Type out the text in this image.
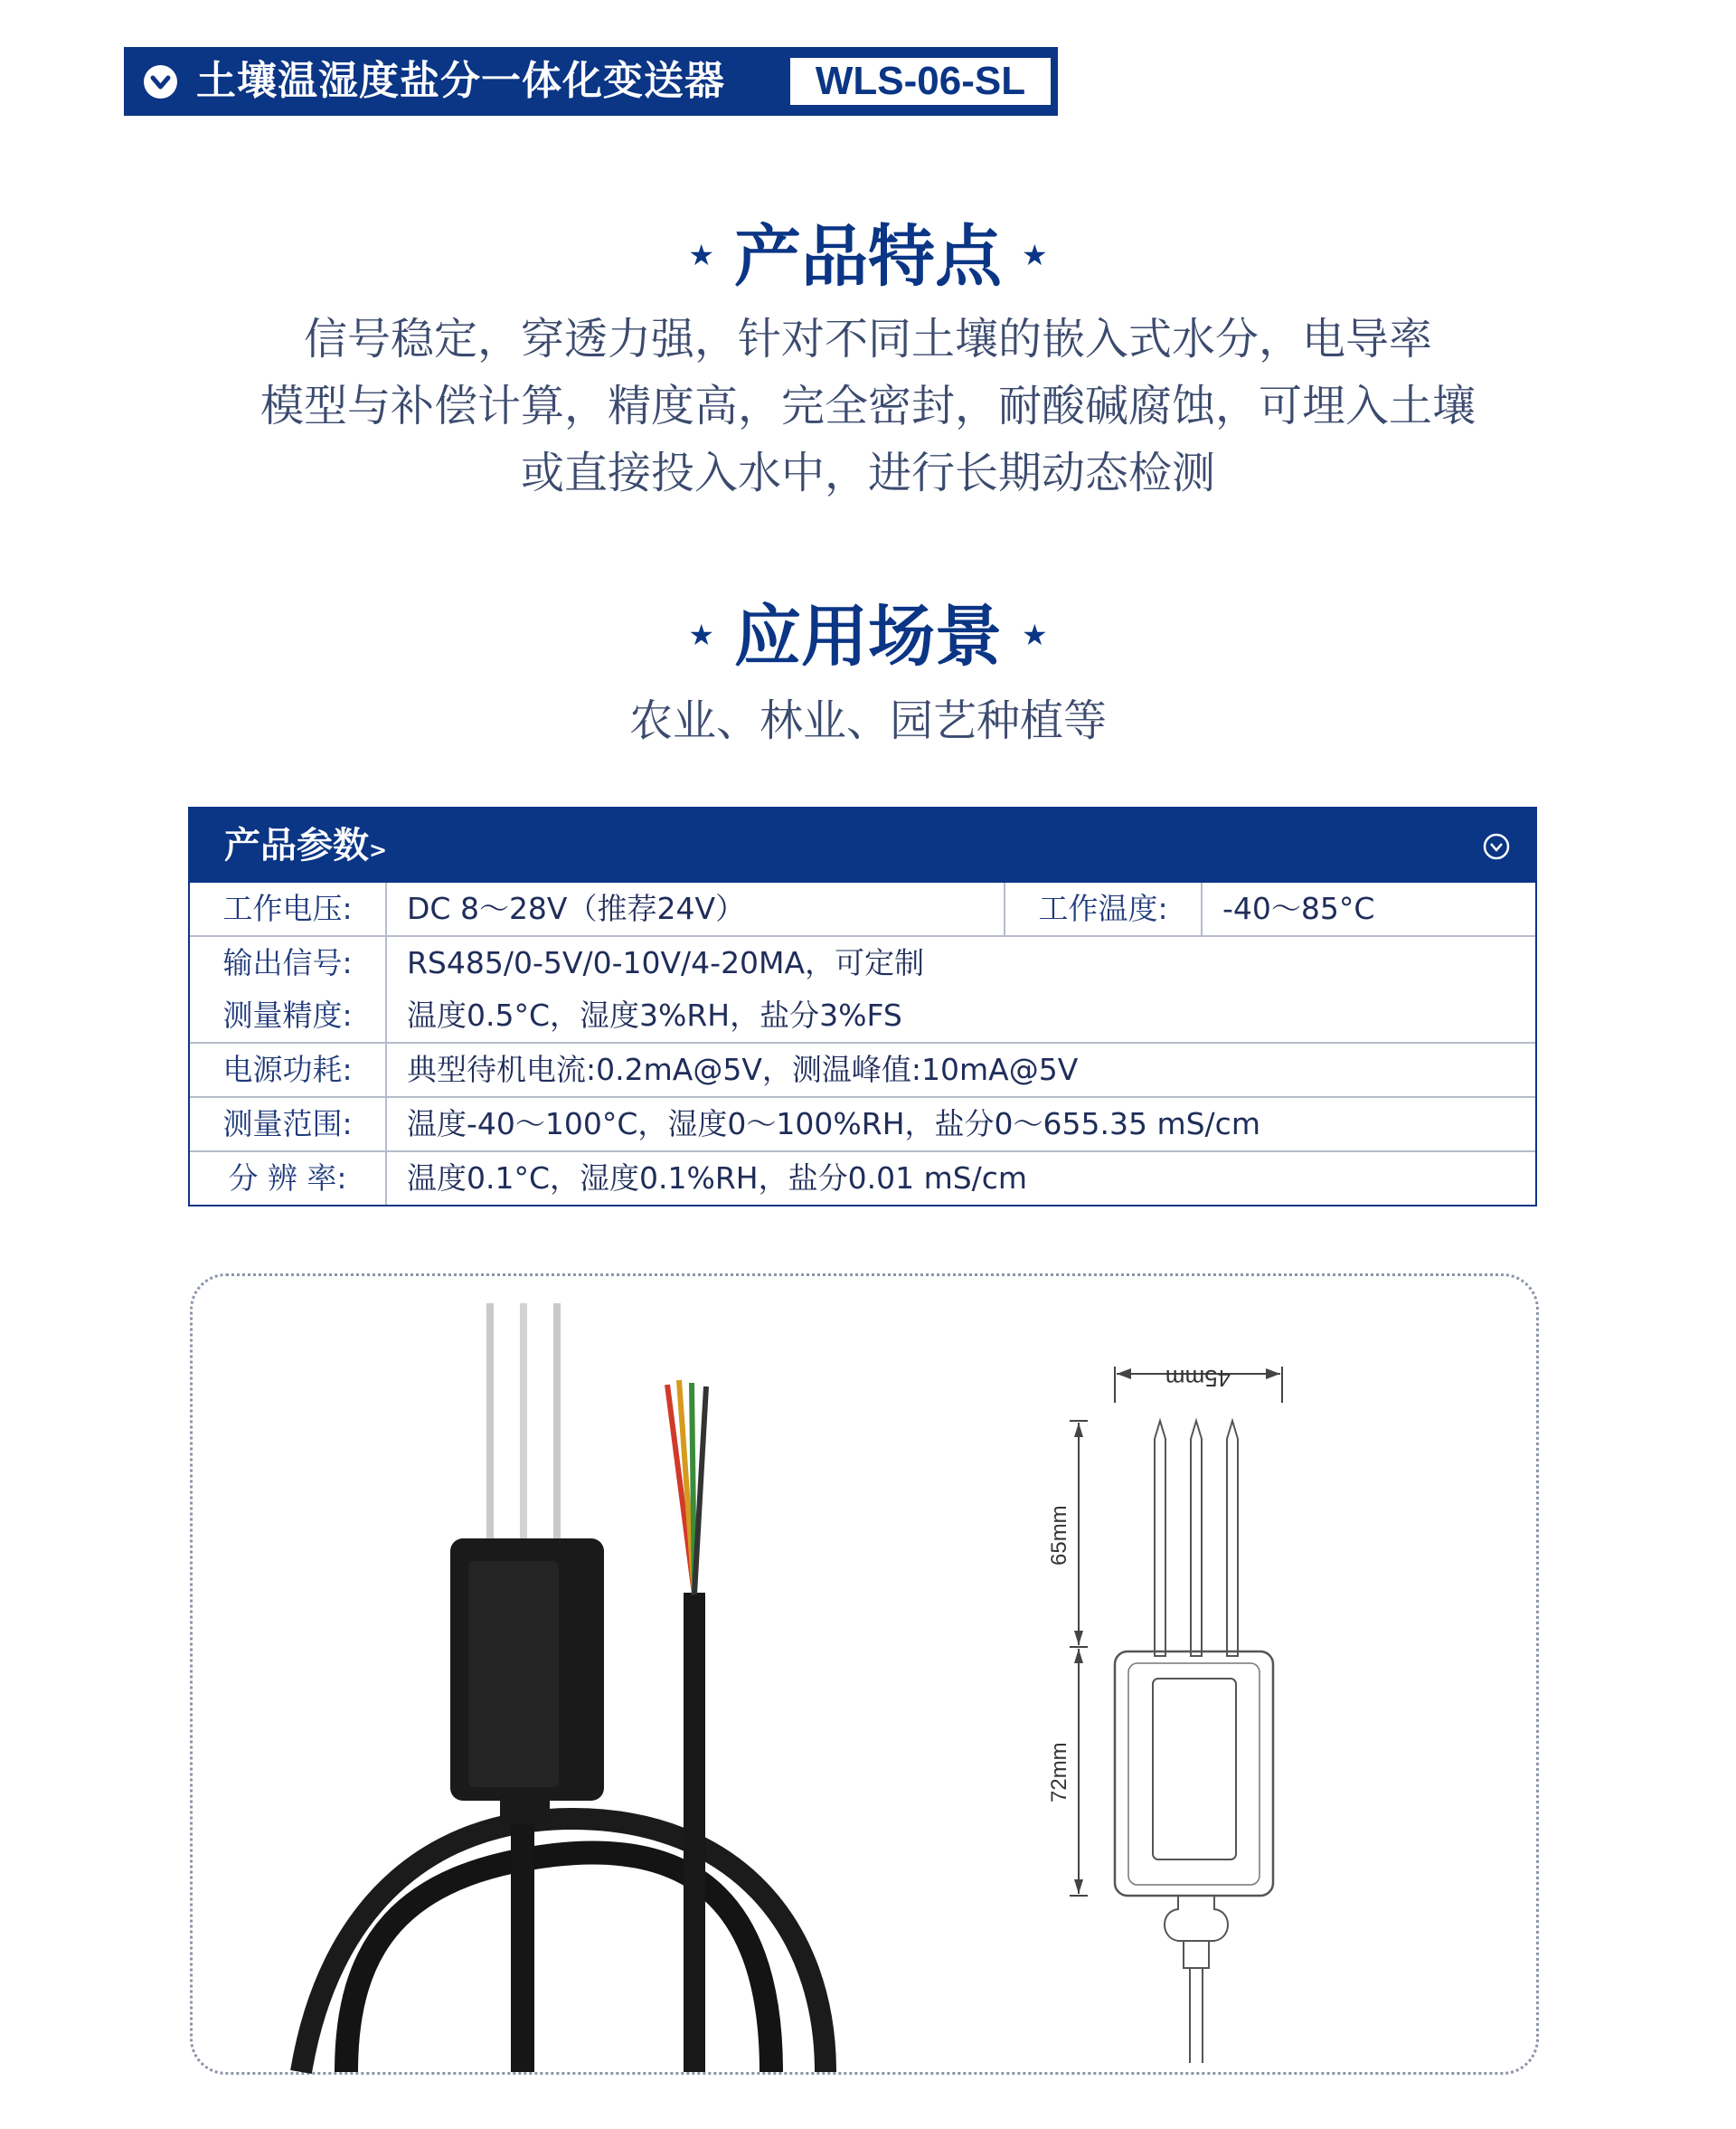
土壤温湿度盐分一体化变送器	WLS-06-SL
★ 产品特点 ★
信号稳定，穿透力强，针对不同土壤的嵌入式水分，电导率
模型与补偿计算，精度高，完全密封，耐酸碱腐蚀，可埋入土壤
或直接投入水中，进行长期动态检测
★ 应用场景 ★
农业、林业、园艺种植等
产品参数>
工作电压:	DC 8～28V（推荐24V）	工作温度:	-40～85°C
输出信号:	RS485/0-5V/0-10V/4-20MA，可定制
测量精度:	温度0.5°C，湿度3%RH，盐分3%FS
电源功耗:	典型待机电流:0.2mA@5V，测温峰值:10mA@5V
测量范围:	温度-40～100°C，湿度0～100%RH，盐分0～655.35 mS/cm
分 辨 率:	温度0.1°C，湿度0.1%RH，盐分0.01 mS/cm
45mm
65mm
72mm
